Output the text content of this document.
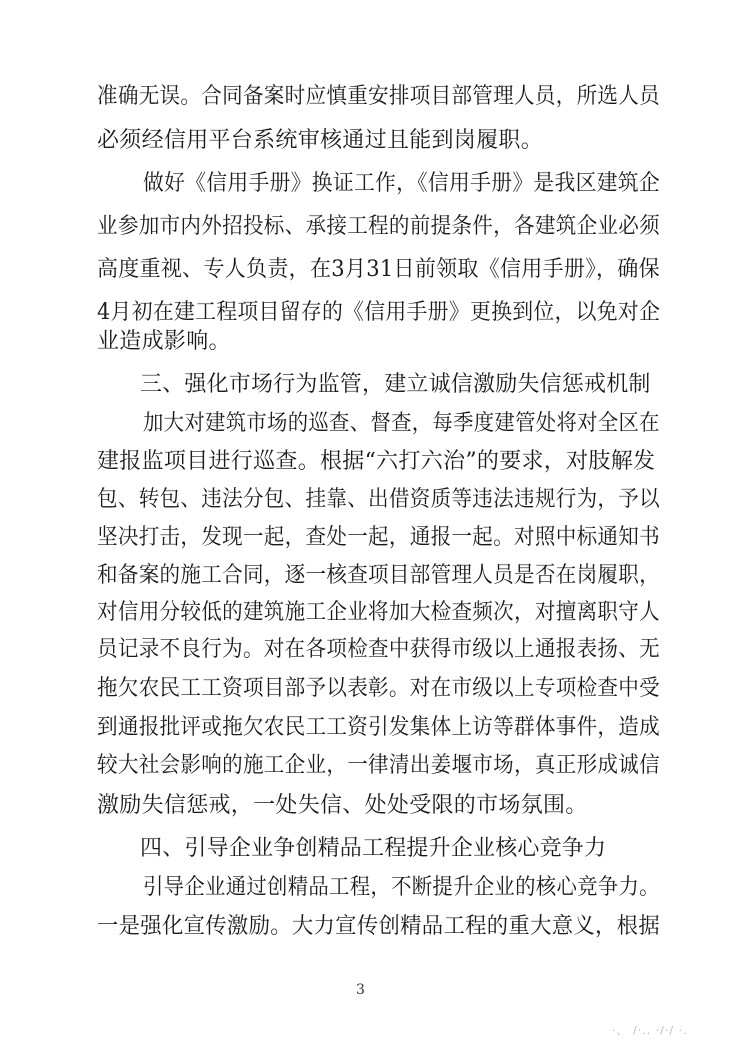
准确无误。合同备案时应慎重安排项目部管理人员，所选人员
必须经信用平台系统审核通过且能到岗履职。
做好《信用手册》换证工作，《信用手册》是我区建筑企
业参加市内外招投标、承接工程的前提条件，各建筑企业必须
高度重视、专人负责，在3月31日前领取《信用手册》，确保
4月初在建工程项目留存的《信用手册》更换到位，以免对企
业造成影响。
三、强化市场行为监管，建立诚信激励失信惩戒机制
加大对建筑市场的巡查、督查，每季度建管处将对全区在
建报监项目进行巡查。根据“六打六治”的要求，对肢解发
包、转包、违法分包、挂靠、出借资质等违法违规行为，予以
坚决打击，发现一起，查处一起，通报一起。对照中标通知书
和备案的施工合同，逐一核查项目部管理人员是否在岗履职，
对信用分较低的建筑施工企业将加大检查频次，对擅离职守人
员记录不良行为。对在各项检查中获得市级以上通报表扬、无
拖欠农民工工资项目部予以表彰。对在市级以上专项检查中受
到通报批评或拖欠农民工工资引发集体上访等群体事件，造成
较大社会影响的施工企业，一律清出姜堰市场，真正形成诚信
激励失信惩戒，一处失信、处处受限的市场氛围。
四、引导企业争创精品工程提升企业核心竞争力
引导企业通过创精品工程，不断提升企业的核心竞争力。
一是强化宣传激励。大力宣传创精品工程的重大意义，根据
3
·、 /·.. ·/·/ ·.
